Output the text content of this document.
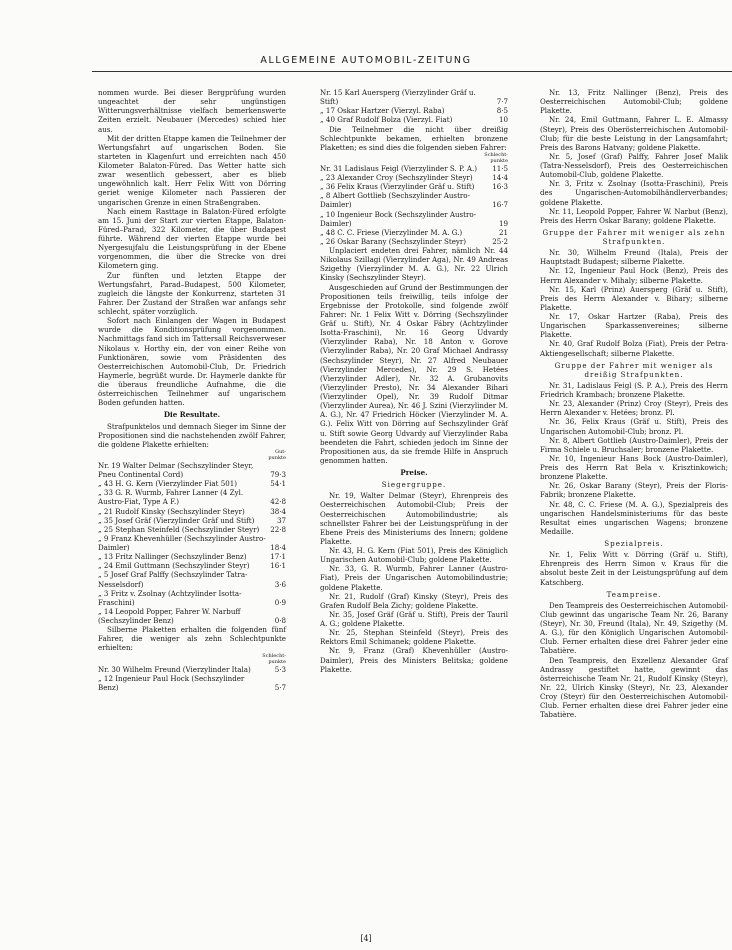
ALLGEMEINE AUTOMOBIL-ZEITUNG

nommen wurde. Bei dieser Bergprüfung wurden ungeachtet der sehr ungünstigen Witterungsverhältnisse vielfach bemerkenswerte Zeiten erzielt. Neubauer (Mercedes) schied hier aus.

Mit der dritten Etappe kamen die Teilnehmer der Wertungsfahrt auf ungarischen Boden. Sie starteten in Klagenfurt und erreichten nach 450 Kilometer Balaton-Füred. Das Wetter hatte sich zwar wesentlich gebessert, aber es blieb ungewöhnlich kalt. Herr Felix Witt von Dörring geriet wenige Kilometer nach Passieren der ungarischen Grenze in einen Straßengraben.

Nach einem Rasttage in Balaton-Füred erfolgte am 15. Juni der Start zur vierten Etappe, Balaton-Füred–Parad, 322 Kilometer, die über Budapest führte. Während der vierten Etappe wurde bei Nyergesujfalu die Leistungsprüfung in der Ebene vorgenommen, die über die Strecke von drei Kilometern ging.

Zur fünften und letzten Etappe der Wertungsfahrt, Parad–Budapest, 500 Kilometer, zugleich die längste der Konkurrenz, starteten 31 Fahrer. Der Zustand der Straßen war anfangs sehr schlecht, später vorzüglich.

Sofort nach Einlangen der Wagen in Budapest wurde die Konditionsprüfung vorgenommen. Nachmittags fand sich im Tattersall Reichsverweser Nikolaus v. Horthy ein, der von einer Reihe von Funktionären, sowie vom Präsidenten des Oesterreichischen Automobil-Club, Dr. Friedrich Haymerle, begrüßt wurde. Dr. Haymerle dankte für die überaus freundliche Aufnahme, die die österreichischen Teilnehmer auf ungarischem Boden gefunden hatten.

Die Resultate.

Strafpunktelos und demnach Sieger im Sinne der Propositionen sind die nachstehenden zwölf Fahrer, die goldene Plakette erhielten:

Gut-
punkte
Nr. 19 Walter Delmar (Sechszylinder Steyr, Pneu Continental Cord)	79·3
„ 43 H. G. Kern (Vierzylinder Fiat 501)	54·1
„ 33 G. R. Wurmb, Fahrer Lanner (4 Zyl. Austro-Fiat, Type A F.)	42·8
„ 21 Rudolf Kinsky (Sechszylinder Steyr)	38·4
„ 35 Josef Gräf (Vierzylinder Gräf und Stift)	37
„ 25 Stephan Steinfeld (Sechszylinder Steyr)	22·8
„ 9 Franz Khevenhüller (Sechszylinder Austro-Daimler)	18·4
„ 13 Fritz Nallinger (Sechszylinder Benz)	17·1
„ 24 Emil Guttmann (Sechszylinder Steyr)	16·1
„ 5 Josef Graf Palffy (Sechszylinder Tatra-Nesselsdorf)	3·6
„ 3 Fritz v. Zsolnay (Achtzylinder Isotta-Fraschini)	0·9
„ 14 Leopold Popper, Fahrer W. Narbuff (Sechszylinder Benz)	0·8

Silberne Plaketten erhalten die folgenden fünf Fahrer, die weniger als zehn Schlechtpunkte erhielten:

Schlecht-
punkte
Nr. 30 Wilhelm Freund (Vierzylinder Itala)	5·3
„ 12 Ingenieur Paul Hock (Sechszylinder Benz)	5·7
Nr. 15 Karl Auersperg (Vierzylinder Gräf u. Stift)	7·7
„ 17 Oskar Hartzer (Vierzyl. Raba)	8·5
„ 40 Graf Rudolf Bolza (Vierzyl. Fiat)	10

Die Teilnehmer die nicht über dreißig Schlechtpunkte bekamen, erhielten bronzene Plaketten; es sind dies die folgenden sieben Fahrer:

Schlecht-
punkte
Nr. 31 Ladislaus Feigl (Vierzylinder S. P. A.)	11·5
„ 23 Alexander Croy (Sechszylinder Steyr)	14·4
„ 36 Felix Kraus (Vierzylinder Gräf u. Stift)	16·3
„ 8 Albert Gottlieb (Sechszylinder Austro-Daimler)	16·7
„ 10 Ingenieur Bock (Sechszylinder Austro-Daimler)	19
„ 48 C. C. Friese (Vierzylinder M. A. G.)	21
„ 26 Oskar Barany (Sechszylinder Steyr)	25·2

Unplaciert endeten drei Fahrer, nämlich Nr. 44 Nikolaus Szillagi (Vierzylinder Aga), Nr. 49 Andreas Szigethy (Vierzylinder M. A. G.), Nr. 22 Ulrich Kinsky (Sechszylinder Steyr).

Ausgeschieden auf Grund der Bestimmungen der Propositionen teils freiwillig, teils infolge der Ergebnisse der Protokolle, sind folgende zwölf Fahrer: Nr. 1 Felix Witt v. Dörring (Sechszylinder Gräf u. Stift), Nr. 4 Oskar Fábry (Achtzylinder Isotta-Fraschini), Nr. 16 Georg Udvardy (Vierzylinder Raba), Nr. 18 Anton v. Gorove (Vierzylinder Raba), Nr. 20 Graf Michael Andrassy (Sechszylinder Steyr), Nr. 27 Alfred Neubauer (Vierzylinder Mercedes), Nr. 29 S. Hetées (Vierzylinder Adler), Nr. 32 A. Grubanovits (Vierzylinder Presto), Nr. 34 Alexander Bihari (Vierzylinder Opel), Nr. 39 Rudolf Ditmar (Vierzylinder Aurea), Nr. 46 J. Szini (Vierzylinder M. A. G.), Nr. 47 Friedrich Höcker (Vierzylinder M. A. G.). Felix Witt von Dörring auf Sechszylinder Gräf u. Stift sowie Georg Udvardy auf Vierzylinder Raba beendeten die Fahrt, schieden jedoch im Sinne der Propositionen aus, da sie fremde Hilfe in Anspruch genommen hatten.

Preise.

Siegergruppe.

Nr. 19, Walter Delmar (Steyr), Ehrenpreis des Oesterreichischen Automobil-Club; Preis der Oesterreichischen Automobilindustrie; als schnellster Fahrer bei der Leistungsprüfung in der Ebene Preis des Ministeriums des Innern; goldene Plakette.

Nr. 43, H. G. Kern (Fiat 501), Preis des Königlich Ungarischen Automobil-Club; goldene Plakette.

Nr. 33, G. R. Wurmb, Fahrer Lanner (Austro-Fiat), Preis der Ungarischen Automobilindustrie; goldene Plakette.

Nr. 21, Rudolf (Graf) Kinsky (Steyr), Preis des Grafen Rudolf Bela Zichy; goldene Plakette.

Nr. 35, Josef Gräf (Gräf u. Stift), Preis der Tauril A. G.; goldene Plakette.

Nr. 25, Stephan Steinfeld (Steyr), Preis des Rektors Emil Schimanek; goldene Plakette.

Nr. 9, Franz (Graf) Khevenhüller (Austro-Daimler), Preis des Ministers Belitska; goldene Plakette.

Nr. 13, Fritz Nallinger (Benz), Preis des Oesterreichischen Automobil-Club; goldene Plakette.

Nr. 24, Emil Guttmann, Fahrer L. E. Almassy (Steyr), Preis des Oberösterreichischen Automobil-Club; für die beste Leistung in der Langsamfahrt; Preis des Barons Hatvany; goldene Plakette.

Nr. 5, Josef (Graf) Palffy, Fahrer Josef Malik (Tatra-Nesselsdorf), Preis des Oesterreichischen Automobil-Club, goldene Plakette.

Nr. 3, Fritz v. Zsolnay (Isotta-Fraschini), Preis des Ungarischen-Automobilhändlerverbandes; goldene Plakette.

Nr. 11, Leopold Popper, Fahrer W. Narbut (Benz), Preis des Herrn Oskar Barany; goldene Plakette.

Gruppe der Fahrer mit weniger als zehn Strafpunkten.

Nr. 30, Wilhelm Freund (Itala), Preis der Hauptstadt Budapest; silberne Plakette.

Nr. 12, Ingenieur Paul Hock (Benz), Preis des Herrn Alexander v. Mihaly; silberne Plakette.

Nr. 15, Karl (Prinz) Auersperg (Gräf u. Stift), Preis des Herrn Alexander v. Bihary; silberne Plakette.

Nr. 17, Oskar Hartzer (Raba), Preis des Ungarischen Sparkassenvereines; silberne Plakette.

Nr. 40, Graf Rudolf Bolza (Fiat), Preis der Petra-Aktiengesellschaft; silberne Plakette.

Gruppe der Fahrer mit weniger als dreißig Strafpunkten.

Nr. 31, Ladislaus Feigl (S. P. A.), Preis des Herrn Friedrich Krambach; bronzene Plakette.

Nr. 23, Alexander (Prinz) Croy (Steyr), Preis des Herrn Alexander v. Hetées; bronz. Pl.

Nr. 36, Felix Kraus (Gräf u. Stift), Preis des Ungarischen Automobil-Club; bronz. Pl.

Nr. 8, Albert Gottlieb (Austro-Daimler), Preis der Firma Schiele u. Bruchsaler; bronzene Plakette.

Nr. 10, Ingenieur Hans Bock (Austro-Daimler), Preis des Herrn Rat Bela v. Krisztinkowich; bronzene Plakette.

Nr. 26, Oskar Barany (Steyr), Preis der Floris-Fabrik; bronzene Plakette.

Nr. 48, C. C. Friese (M. A. G.), Spezialpreis des ungarischen Handelsministeriums für das beste Resultat eines ungarischen Wagens; bronzene Medaille.

Spezialpreis.

Nr. 1, Felix Witt v. Dörring (Gräf u. Stift), Ehrenpreis des Herrn Simon v. Kraus für die absolut beste Zeit in der Leistungsprüfung auf dem Katschberg.

Teampreise.

Den Teampreis des Oesterreichischen Automobil-Club gewinnt das ungarische Team Nr. 26, Barany (Steyr), Nr. 30, Freund (Itala), Nr. 49, Szigethy (M. A. G.), für den Königlich Ungarischen Automobil-Club. Ferner erhalten diese drei Fahrer jeder eine Tabatière.

Den Teampreis, den Exzellenz Alexander Graf Andrassy gestiftet hatte, gewinnt das österreichische Team Nr. 21, Rudolf Kinsky (Steyr), Nr. 22, Ulrich Kinsky (Steyr), Nr. 23, Alexander Croy (Steyr) für den Oesterreichischen Automobil-Club. Ferner erhalten diese drei Fahrer jeder eine Tabatière.

[4]
